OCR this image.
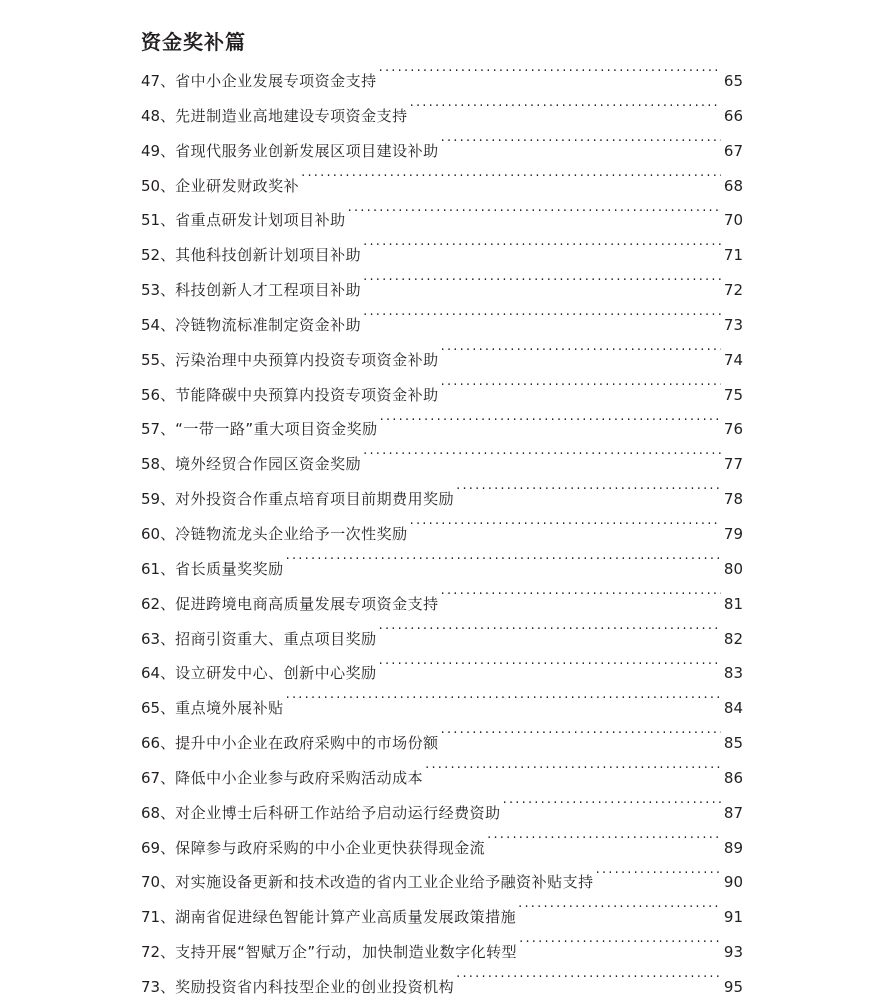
资金奖补篇
47、 省中小企业发展专项资金支持 .....	65
48、 先进制造业高地建设专项资金支持 .....	66
49、 省现代服务业创新发展区项目建设补助 .....	67
50、 企业研发财政奖补 .....	68
51、 省重点研发计划项目补助 .....	70
52、 其他科技创新计划项目补助 .....	71
53、 科技创新人才工程项目补助 .....	72
54、 冷链物流标准制定资金补助 .....	73
55、 污染治理中央预算内投资专项资金补助 .....	74
56、 节能降碳中央预算内投资专项资金补助 .....	75
57、 “一带一路”重大项目资金奖励 .....	76
58、 境外经贸合作园区资金奖励 .....	77
59、 对外投资合作重点培育项目前期费用奖励 .....	78
60、 冷链物流龙头企业给予一次性奖励 .....	79
61、 省长质量奖奖励 .....	80
62、 促进跨境电商高质量发展专项资金支持 .....	81
63、 招商引资重大、重点项目奖励 .....	82
64、 设立研发中心、创新中心奖励 .....	83
65、 重点境外展补贴 .....	84
66、 提升中小企业在政府采购中的市场份额 .....	85
67、 降低中小企业参与政府采购活动成本 .....	86
68、 对企业博士后科研工作站给予启动运行经费资助 .....	87
69、 保障参与政府采购的中小企业更快获得现金流 .....	89
70、 对实施设备更新和技术改造的省内工业企业给予融资补贴支持 .....	90
71、 湖南省促进绿色智能计算产业高质量发展政策措施 .....	91
72、 支持开展“智赋万企”行动，加快制造业数字化转型 .....	93
73、 奖励投资省内科技型企业的创业投资机构 .....	95
